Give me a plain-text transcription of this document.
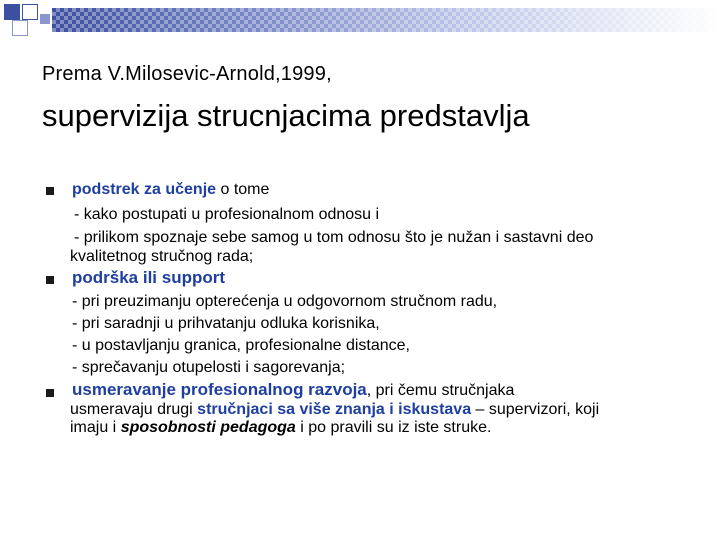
Prema V.Milosevic-Arnold,1999,
supervizija strucnjacima predstavlja
podstrek za učenje o tome
- kako postupati u profesionalnom odnosu i
- prilikom spoznaje sebe samog u tom odnosu što je nužan i sastavni deo
kvalitetnog stručnog rada;
podrška ili support
- pri preuzimanju opterećenja u odgovornom stručnom radu,
- pri saradnji u prihvatanju odluka korisnika,
- u postavljanju granica, profesionalne distance,
- sprečavanju otupelosti i sagorevanja;
usmeravanje profesionalnog razvoja, pri čemu stručnjaka
usmeravaju drugi stručnjaci sa više znanja i iskustava – supervizori, koji
imaju i sposobnosti pedagoga i po pravili su iz iste struke.
